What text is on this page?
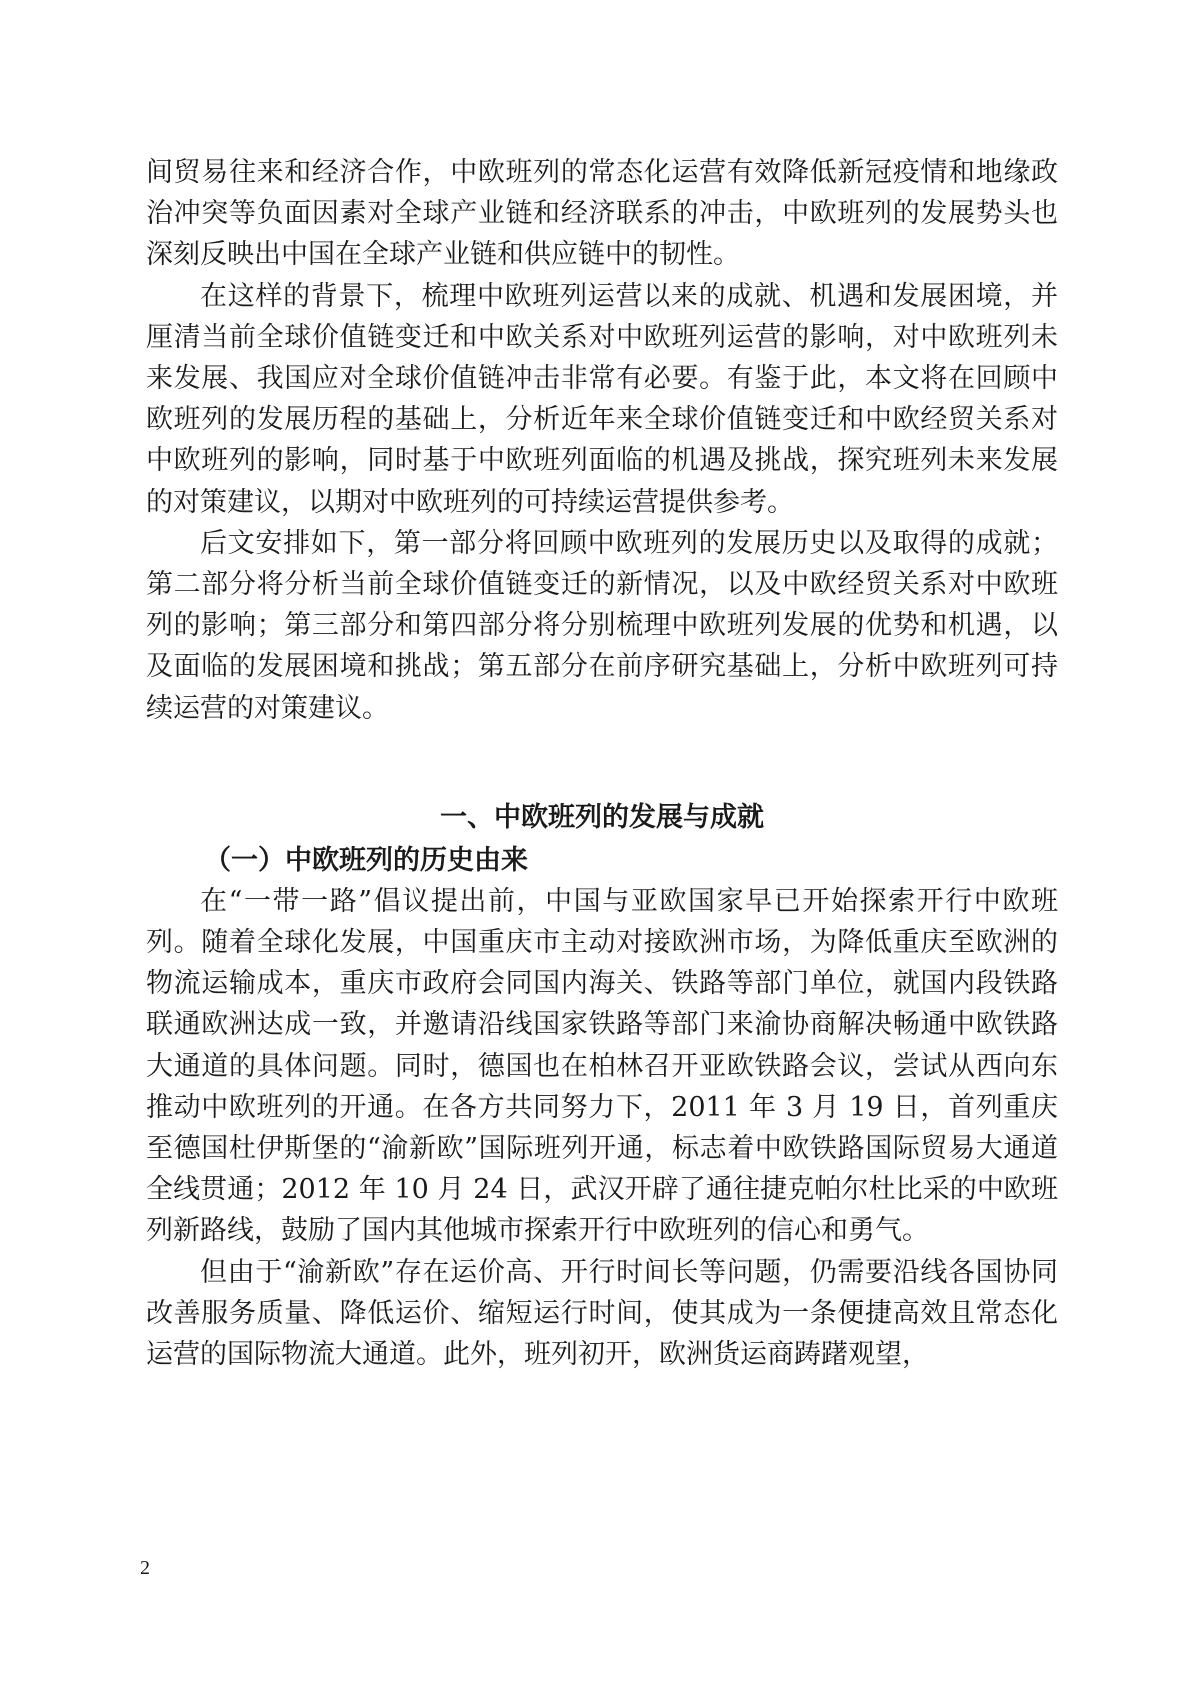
间贸易往来和经济合作，中欧班列的常态化运营有效降低新冠疫情和地缘政治冲突等负面因素对全球产业链和经济联系的冲击，中欧班列的发展势头也深刻反映出中国在全球产业链和供应链中的韧性。

在这样的背景下，梳理中欧班列运营以来的成就、机遇和发展困境，并厘清当前全球价值链变迁和中欧关系对中欧班列运营的影响，对中欧班列未来发展、我国应对全球价值链冲击非常有必要。有鉴于此，本文将在回顾中欧班列的发展历程的基础上，分析近年来全球价值链变迁和中欧经贸关系对中欧班列的影响，同时基于中欧班列面临的机遇及挑战，探究班列未来发展的对策建议，以期对中欧班列的可持续运营提供参考。

后文安排如下，第一部分将回顾中欧班列的发展历史以及取得的成就；第二部分将分析当前全球价值链变迁的新情况，以及中欧经贸关系对中欧班列的影响；第三部分和第四部分将分别梳理中欧班列发展的优势和机遇，以及面临的发展困境和挑战；第五部分在前序研究基础上，分析中欧班列可持续运营的对策建议。

一、中欧班列的发展与成就
（一）中欧班列的历史由来

在“一带一路”倡议提出前，中国与亚欧国家早已开始探索开行中欧班列。随着全球化发展，中国重庆市主动对接欧洲市场，为降低重庆至欧洲的物流运输成本，重庆市政府会同国内海关、铁路等部门单位，就国内段铁路联通欧洲达成一致，并邀请沿线国家铁路等部门来渝协商解决畅通中欧铁路大通道的具体问题。同时，德国也在柏林召开亚欧铁路会议，尝试从西向东推动中欧班列的开通。在各方共同努力下，2011 年 3 月 19 日，首列重庆至德国杜伊斯堡的“渝新欧”国际班列开通，标志着中欧铁路国际贸易大通道全线贯通；2012 年 10 月 24 日，武汉开辟了通往捷克帕尔杜比采的中欧班列新路线，鼓励了国内其他城市探索开行中欧班列的信心和勇气。

但由于“渝新欧”存在运价高、开行时间长等问题，仍需要沿线各国协同改善服务质量、降低运价、缩短运行时间，使其成为一条便捷高效且常态化运营的国际物流大通道。此外，班列初开，欧洲货运商踌躇观望，

2
